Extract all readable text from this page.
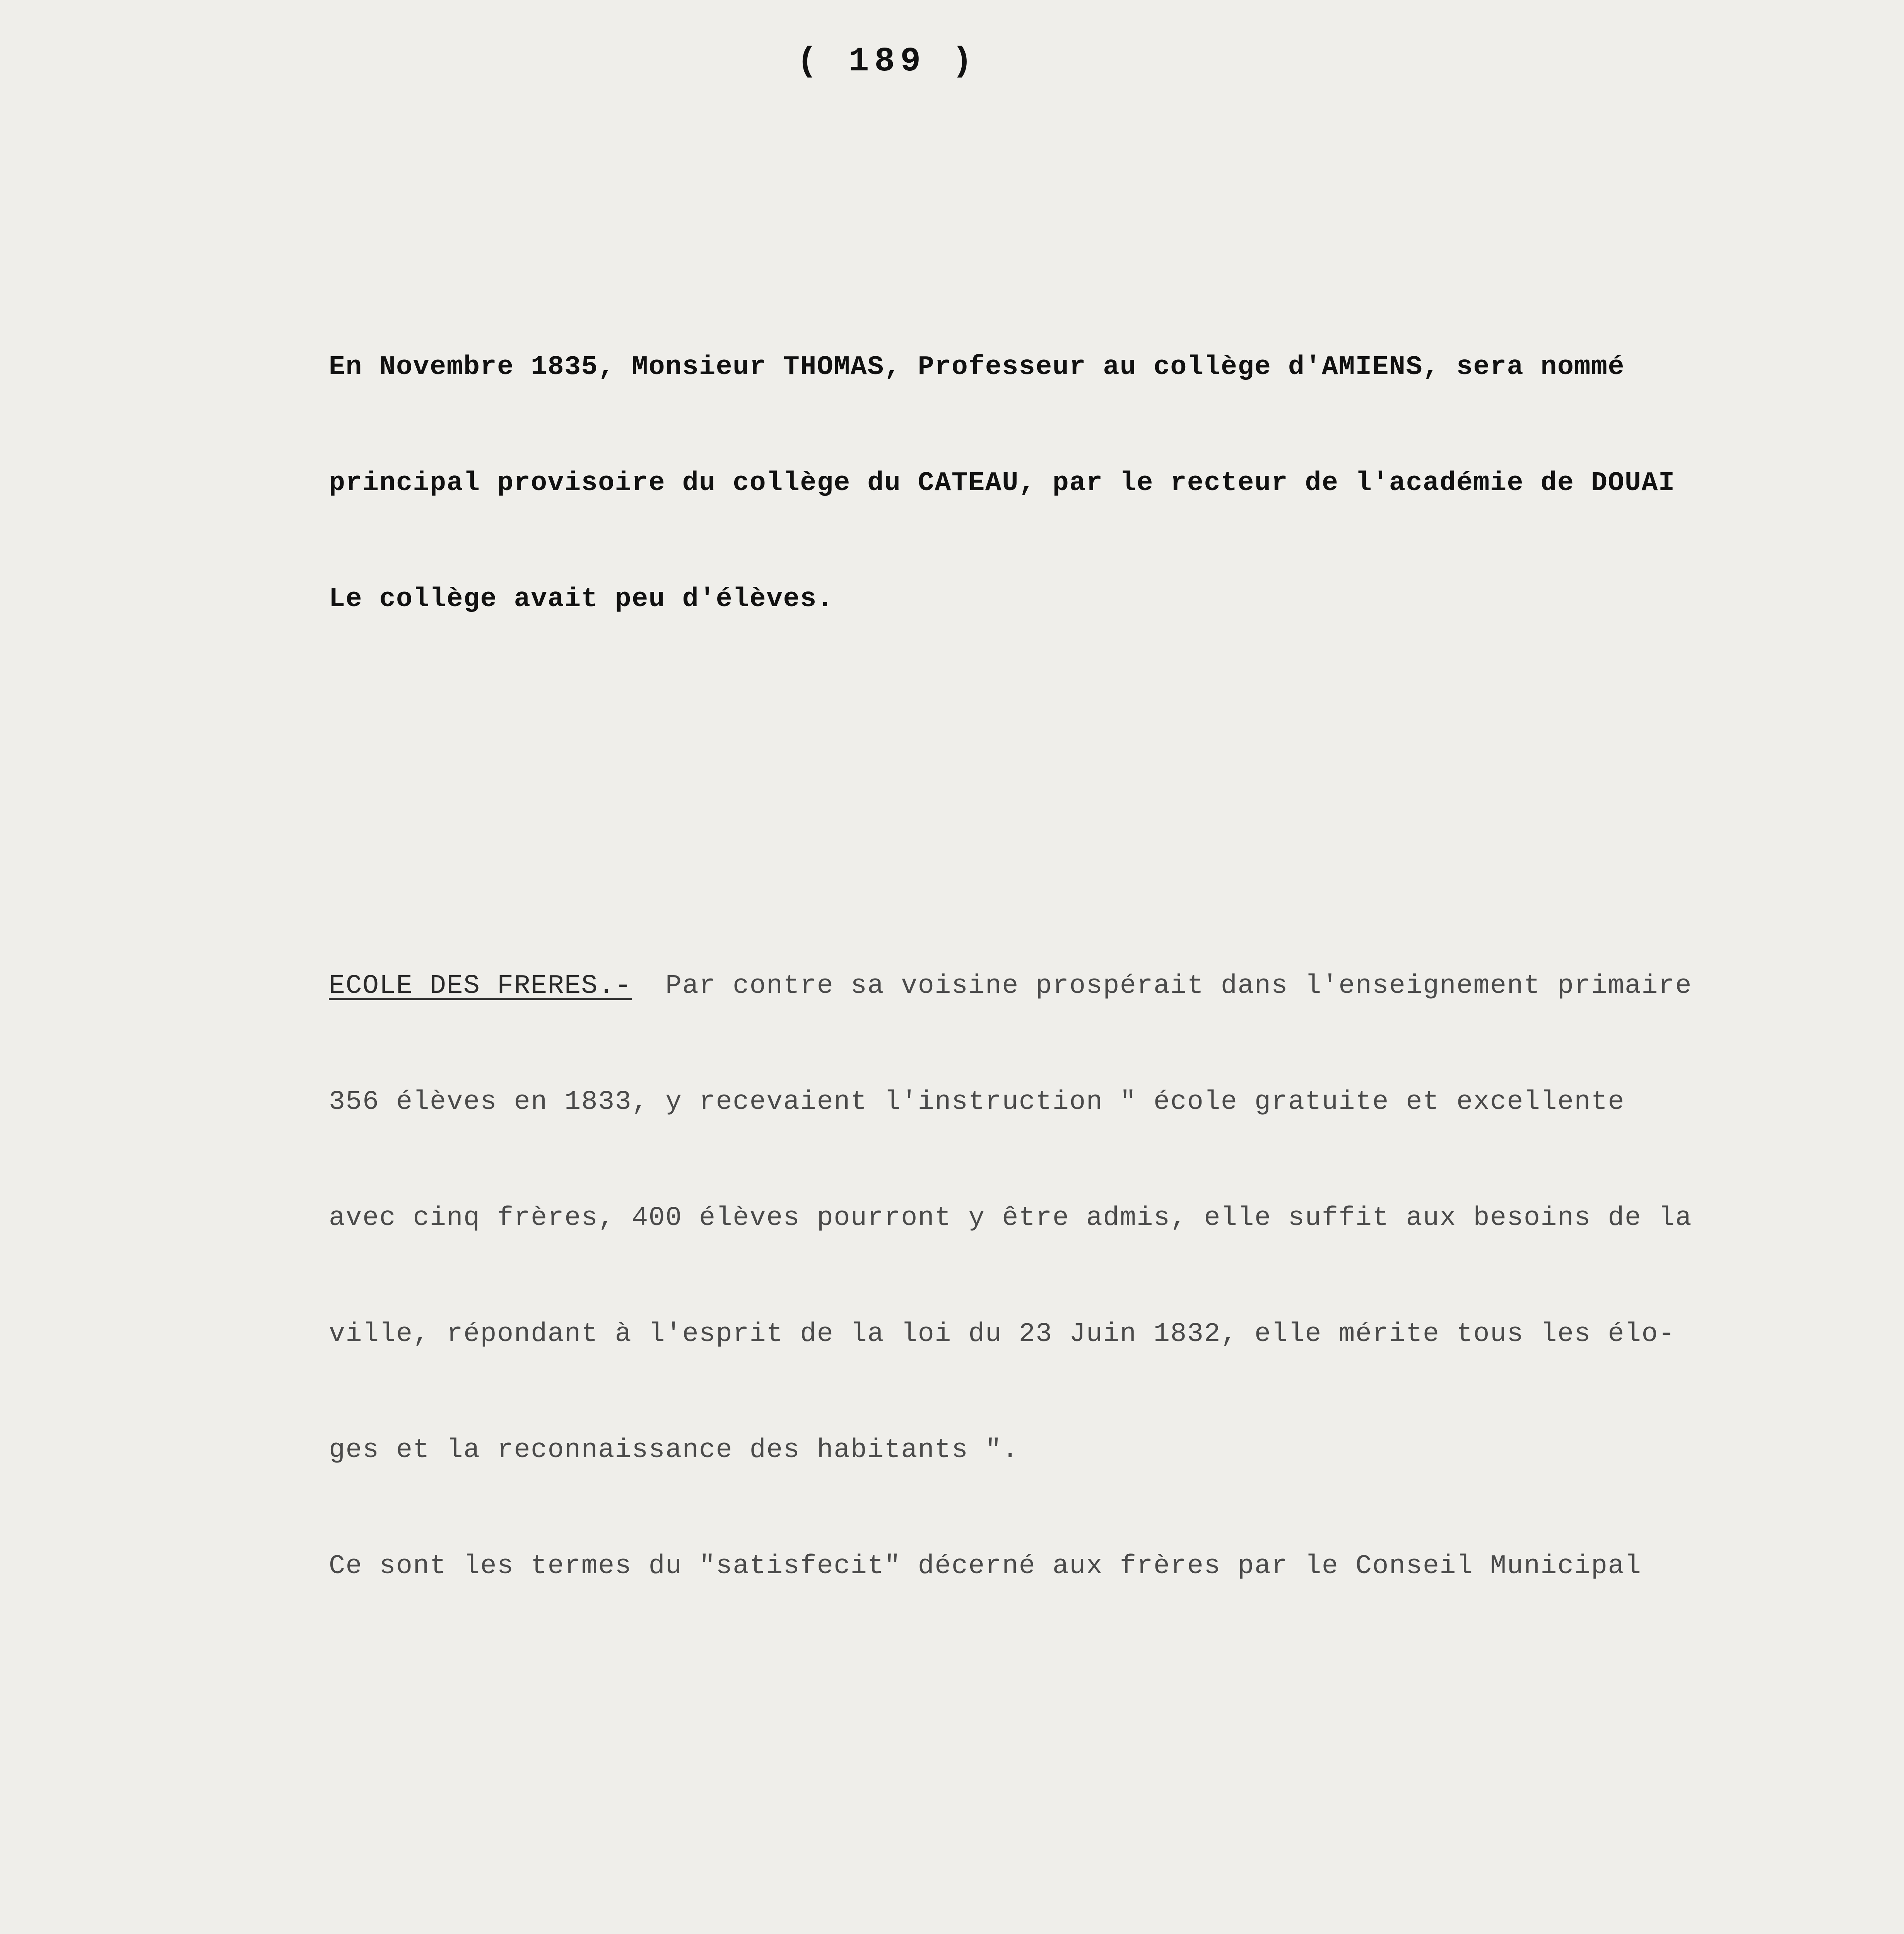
( 189 )

En Novembre 1835, Monsieur THOMAS, Professeur au collège d'AMIENS, sera nommé

principal provisoire du collège du CATEAU, par le recteur de l'académie de DOUAI

Le collège avait peu d'élèves.

ECOLE DES FRERES.-  Par contre sa voisine prospérait dans l'enseignement primaire

356 élèves en 1833, y recevaient l'instruction " école gratuite et excellente

avec cinq frères, 400 élèves pourront y être admis, elle suffit aux besoins de la

ville, répondant à l'esprit de la loi du 23 Juin 1832, elle mérite tous les élo-

ges et la reconnaissance des habitants ".

Ce sont les termes du "satisfecit" décerné aux frères par le Conseil Municipal
